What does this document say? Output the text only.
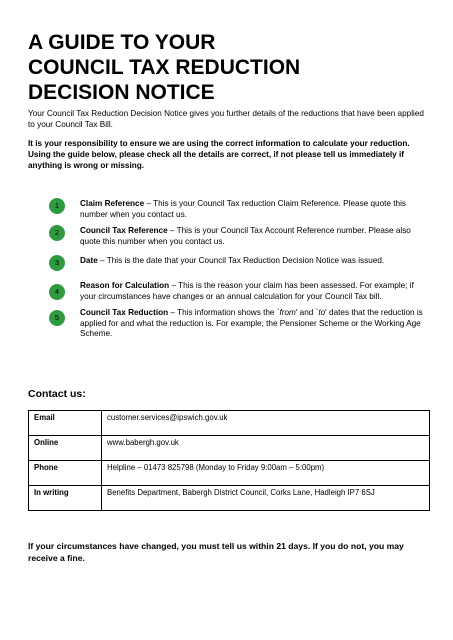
A GUIDE TO YOUR
COUNCIL TAX REDUCTION
DECISION NOTICE

Your Council Tax Reduction Decision Notice gives you further details of the reductions that have been applied to your Council Tax Bill.

It is your responsibility to ensure we are using the correct information to calculate your reduction. Using the guide below, please check all the details are correct, if not please tell us immediately if anything is wrong or missing.

1	Claim Reference – This is your Council Tax reduction Claim Reference. Please quote this number when you contact us.
2	Council Tax Reference – This is your Council Tax Account Reference number. Please also quote this number when you contact us.
3	Date – This is the date that your Council Tax Reduction Decision Notice was issued.
4
Reason for Calculation – This is the reason your claim has been assessed. For example; if your circumstances have changes or an annual calculation for your Council Tax bill.
5
Council Tax Reduction – This information shows the `from' and `to' dates that the reduction is applied for and what the reduction is. For example; the Pensioner Scheme or the Working Age Scheme.
Contact us:
Email	customer.services@ipswich.gov.uk
Online	www.babergh.gov.uk
Phone	Helpline – 01473 825798 (Monday to Friday 9:00am – 5:00pm)
In writing	Benefits Department, Babergh District Council, Corks Lane, Hadleigh IP7 6SJ

If your circumstances have changed, you must tell us within 21 days. If you do not, you may receive a fine.
